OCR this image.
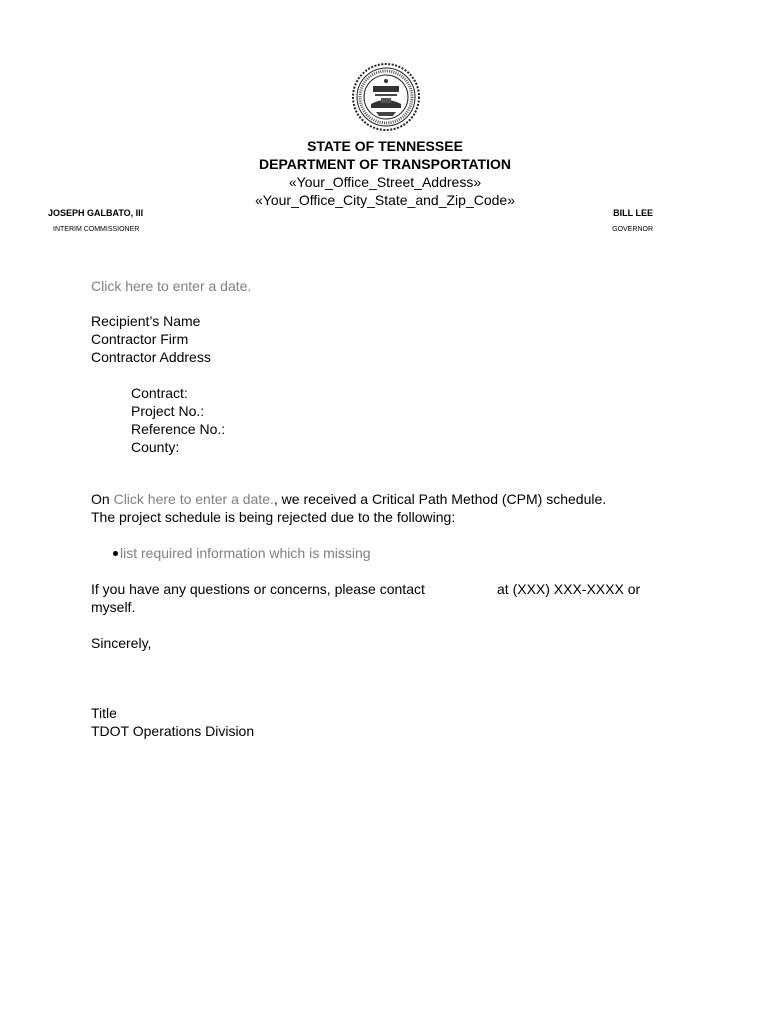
STATE OF TENNESSEE
DEPARTMENT OF TRANSPORTATION
«Your_Office_Street_Address»
«Your_Office_City_State_and_Zip_Code»
JOSEPH GALBATO, III
INTERIM COMMISSIONER
BILL LEE
GOVERNOR
Click here to enter a date.
Recipient’s Name
Contractor Firm
Contractor Address
Contract:
Project No.:
Reference No.:
County:
On Click here to enter a date., we received a Critical Path Method (CPM) schedule.
The project schedule is being rejected due to the following:
list required information which is missing
If you have any questions or concerns, please contact	at (XXX) XXX-XXXX or
myself.
Sincerely,
Title
TDOT Operations Division
